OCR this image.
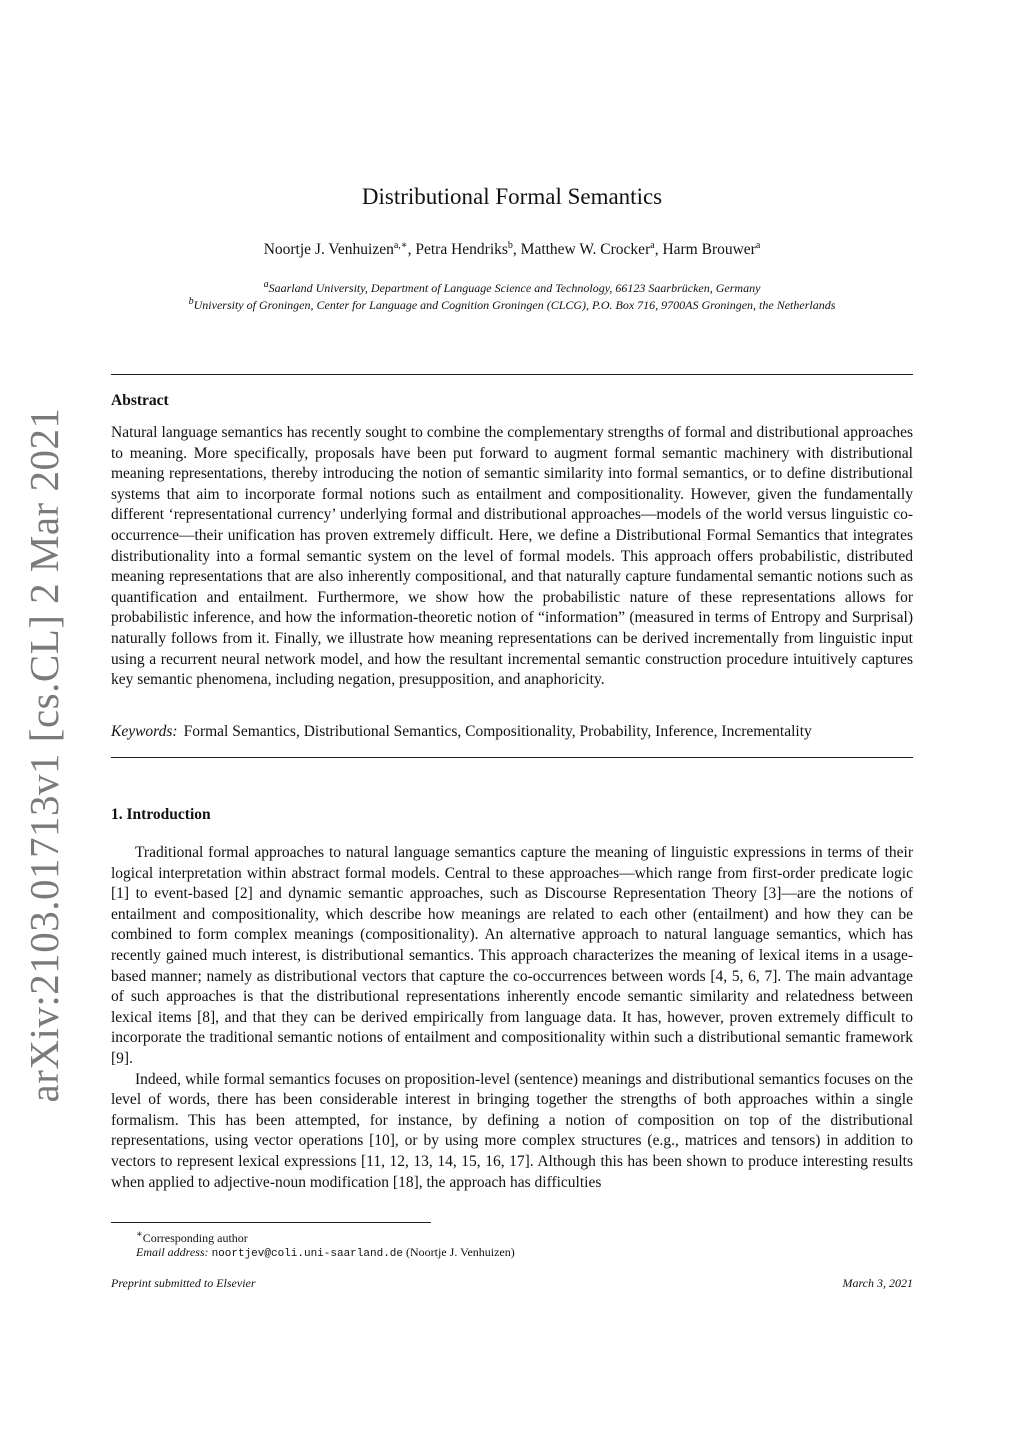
arXiv:2103.01713v1 [cs.CL] 2 Mar 2021
Distributional Formal Semantics
Noortje J. Venhuizen$^{a,∗}$, Petra Hendriks$^b$, Matthew W. Crocker$^a$, Harm Brouwer$^a$
$^a$Saarland University, Department of Language Science and Technology, 66123 Saarbrücken, Germany
$^b$University of Groningen, Center for Language and Cognition Groningen (CLCG), P.O. Box 716, 9700AS Groningen, the Netherlands
Abstract

Natural language semantics has recently sought to combine the complementary strengths of formal and distributional approaches to meaning. More specifically, proposals have been put forward to augment formal semantic machinery with distributional meaning representations, thereby introducing the notion of semantic similarity into formal semantics, or to define distributional systems that aim to incorporate formal notions such as entailment and compositionality. However, given the fundamentally different ‘representational currency’ underlying formal and distributional approaches—models of the world versus linguistic co-occurrence—their unification has proven extremely difficult. Here, we define a Distributional Formal Semantics that integrates distributionality into a formal semantic system on the level of formal models. This approach offers probabilistic, distributed meaning representations that are also inherently compositional, and that naturally capture fundamental semantic notions such as quantification and entailment. Furthermore, we show how the probabilistic nature of these representations allows for probabilistic inference, and how the information-theoretic notion of “information” (measured in terms of Entropy and Surprisal) naturally follows from it. Finally, we illustrate how meaning representations can be derived incrementally from linguistic input using a recurrent neural network model, and how the resultant incremental semantic construction procedure intuitively captures key semantic phenomena, including negation, presupposition, and anaphoricity.

Keywords: Formal Semantics, Distributional Semantics, Compositionality, Probability, Inference, Incrementality
1. Introduction

Traditional formal approaches to natural language semantics capture the meaning of linguistic expressions in terms of their logical interpretation within abstract formal models. Central to these approaches—which range from first-order predicate logic [1] to event-based [2] and dynamic semantic approaches, such as Discourse Representation Theory [3]—are the notions of entailment and compositionality, which describe how meanings are related to each other (entailment) and how they can be combined to form complex meanings (compositionality). An alternative approach to natural language semantics, which has recently gained much interest, is distributional semantics. This approach characterizes the meaning of lexical items in a usage-based manner; namely as distributional vectors that capture the co-occurrences between words [4, 5, 6, 7]. The main advantage of such approaches is that the distributional representations inherently encode semantic similarity and relatedness between lexical items [8], and that they can be derived empirically from language data. It has, however, proven extremely difficult to incorporate the traditional semantic notions of entailment and compositionality within such a distributional semantic framework [9].

Indeed, while formal semantics focuses on proposition-level (sentence) meanings and distributional semantics focuses on the level of words, there has been considerable interest in bringing together the strengths of both approaches within a single formalism. This has been attempted, for instance, by defining a notion of composition on top of the distributional representations, using vector operations [10], or by using more complex structures (e.g., matrices and tensors) in addition to vectors to represent lexical expressions [11, 12, 13, 14, 15, 16, 17]. Although this has been shown to produce interesting results when applied to adjective-noun modification [18], the approach has difficulties

∗Corresponding author
Email address: noortjev@coli.uni-saarland.de (Noortje J. Venhuizen)
Preprint submitted to Elsevier	March 3, 2021
